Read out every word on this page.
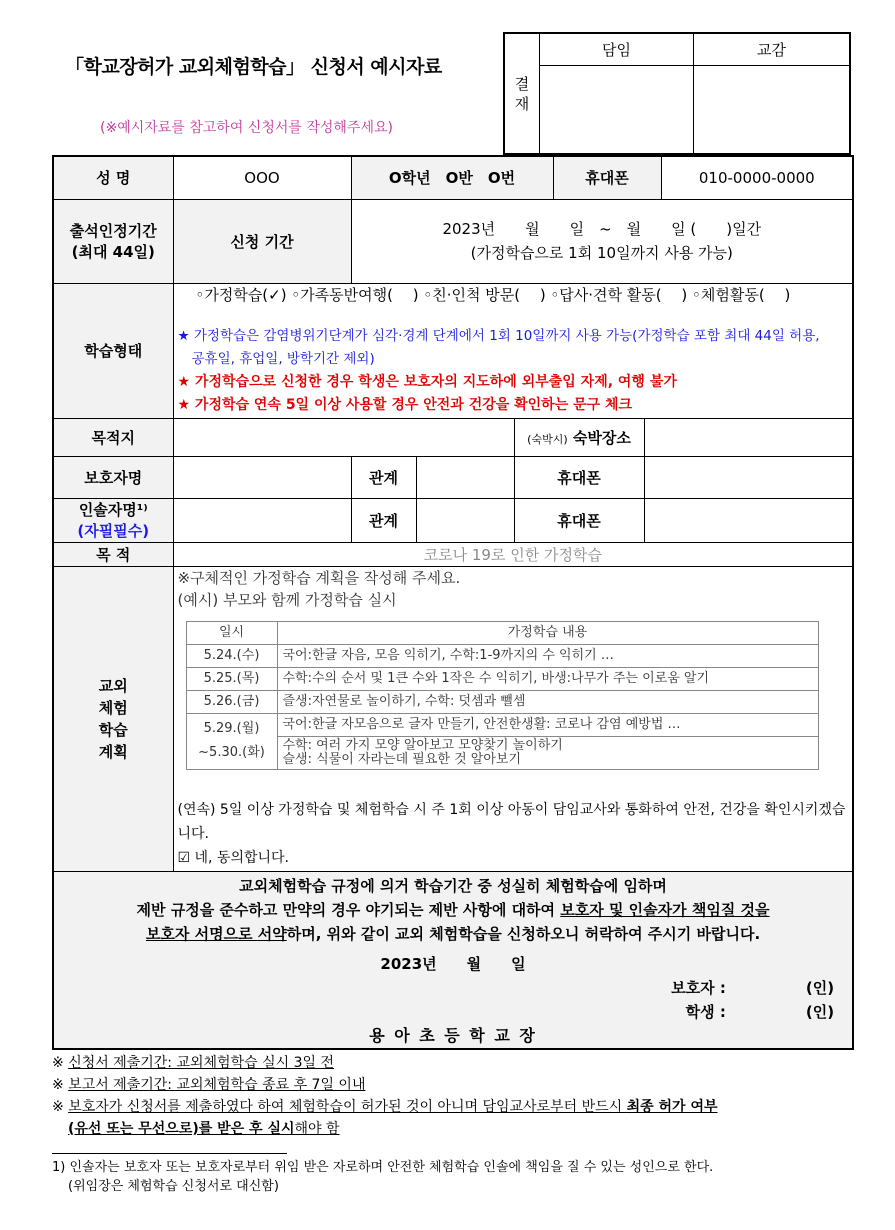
「학교장허가 교외체험학습」 신청서 예시자료
(※예시자료를 참고하여 신청서를 작성해주세요)
결 재	담임	교감

성 명	OOO	O학년　O반　O번	휴대폰	010-0000-0000

출석인정기간
(최대 44일)
	신청 기간	
2023년　　월　　일　~　월　　일 (　　)일간
(가정학습으로 1회 10일까지 사용 가능)

학습형태	
◦가정학습(✓) ◦가족동반여행(　 ) ◦친·인척 방문(　 ) ◦답사·견학 활동(　 ) ◦체험활동(　 )
★ 가정학습은 감염병위기단계가 심각·경계 단계에서 1회 10일까지 사용 가능(가정학습 포함 최대 44일 허용,
공휴일, 휴업일, 방학기간 제외)
★ 가정학습으로 신청한 경우 학생은 보호자의 지도하에 외부출입 자제, 여행 불가
★ 가정학습 연속 5일 이상 사용할 경우 안전과 건강을 확인하는 문구 체크

목적지		(숙박시) 숙박장소	
보호자명		관계		휴대폰	

인솔자명¹⁾
(자필필수)
		관계		휴대폰	
목 적	코로나 19로 인한 가정학습

교외
체험
학습
계획

※구체적인 가정학습 계획을 작성해 주세요.
(예시) 부모와 함께 가정학습 실시
일시	가정학습 내용
5.24.(수)	국어:한글 자음, 모음 익히기, 수학:1-9까지의 수 익히기 …
5.25.(목)	수학:수의 순서 및 1큰 수와 1작은 수 익히기, 바생:나무가 주는 이로움 알기
5.26.(금)	즐생:자연물로 놀이하기, 수학: 덧셈과 뺄셈

5.29.(월)
~5.30.(화)
	국어:한글 자모음으로 글자 만들기, 안전한생활: 코로나 감염 예방법 …

수학: 여러 가지 모양 알아보고 모양찾기 놀이하기
슬생: 식물이 자라는데 필요한 것 알아보기
(연속) 5일 이상 가정학습 및 체험학습 시 주 1회 이상 아동이 담임교사와 통화하여 안전, 건강을 확인시키겠습니다.
☑ 네, 동의합니다.

교외체험학습 규정에 의거 학습기간 중 성실히 체험학습에 임하며
제반 규정을 준수하고 만약의 경우 야기되는 제반 사항에 대하여 보호자 및 인솔자가 책임질 것을
보호자 서명으로 서약하며, 위와 같이 교외 체험학습을 신청하오니 허락하여 주시기 바랍니다.
2023년　　월　　일
보호자 :	(인)
학생 :	(인)
용 아 초 등 학 교 장
※ 신청서 제출기간: 교외체험학습 실시 3일 전
※ 보고서 제출기간: 교외체험학습 종료 후 7일 이내
※ 보호자가 신청서를 제출하였다 하여 체험학습이 허가된 것이 아니며 담임교사로부터 반드시 최종 허가 여부
(유선 또는 무선으로)를 받은 후 실시해야 함
1) 인솔자는 보호자 또는 보호자로부터 위임 받은 자로하며 안전한 체험학습 인솔에 책임을 질 수 있는 성인으로 한다.
(위임장은 체험학습 신청서로 대신함)
